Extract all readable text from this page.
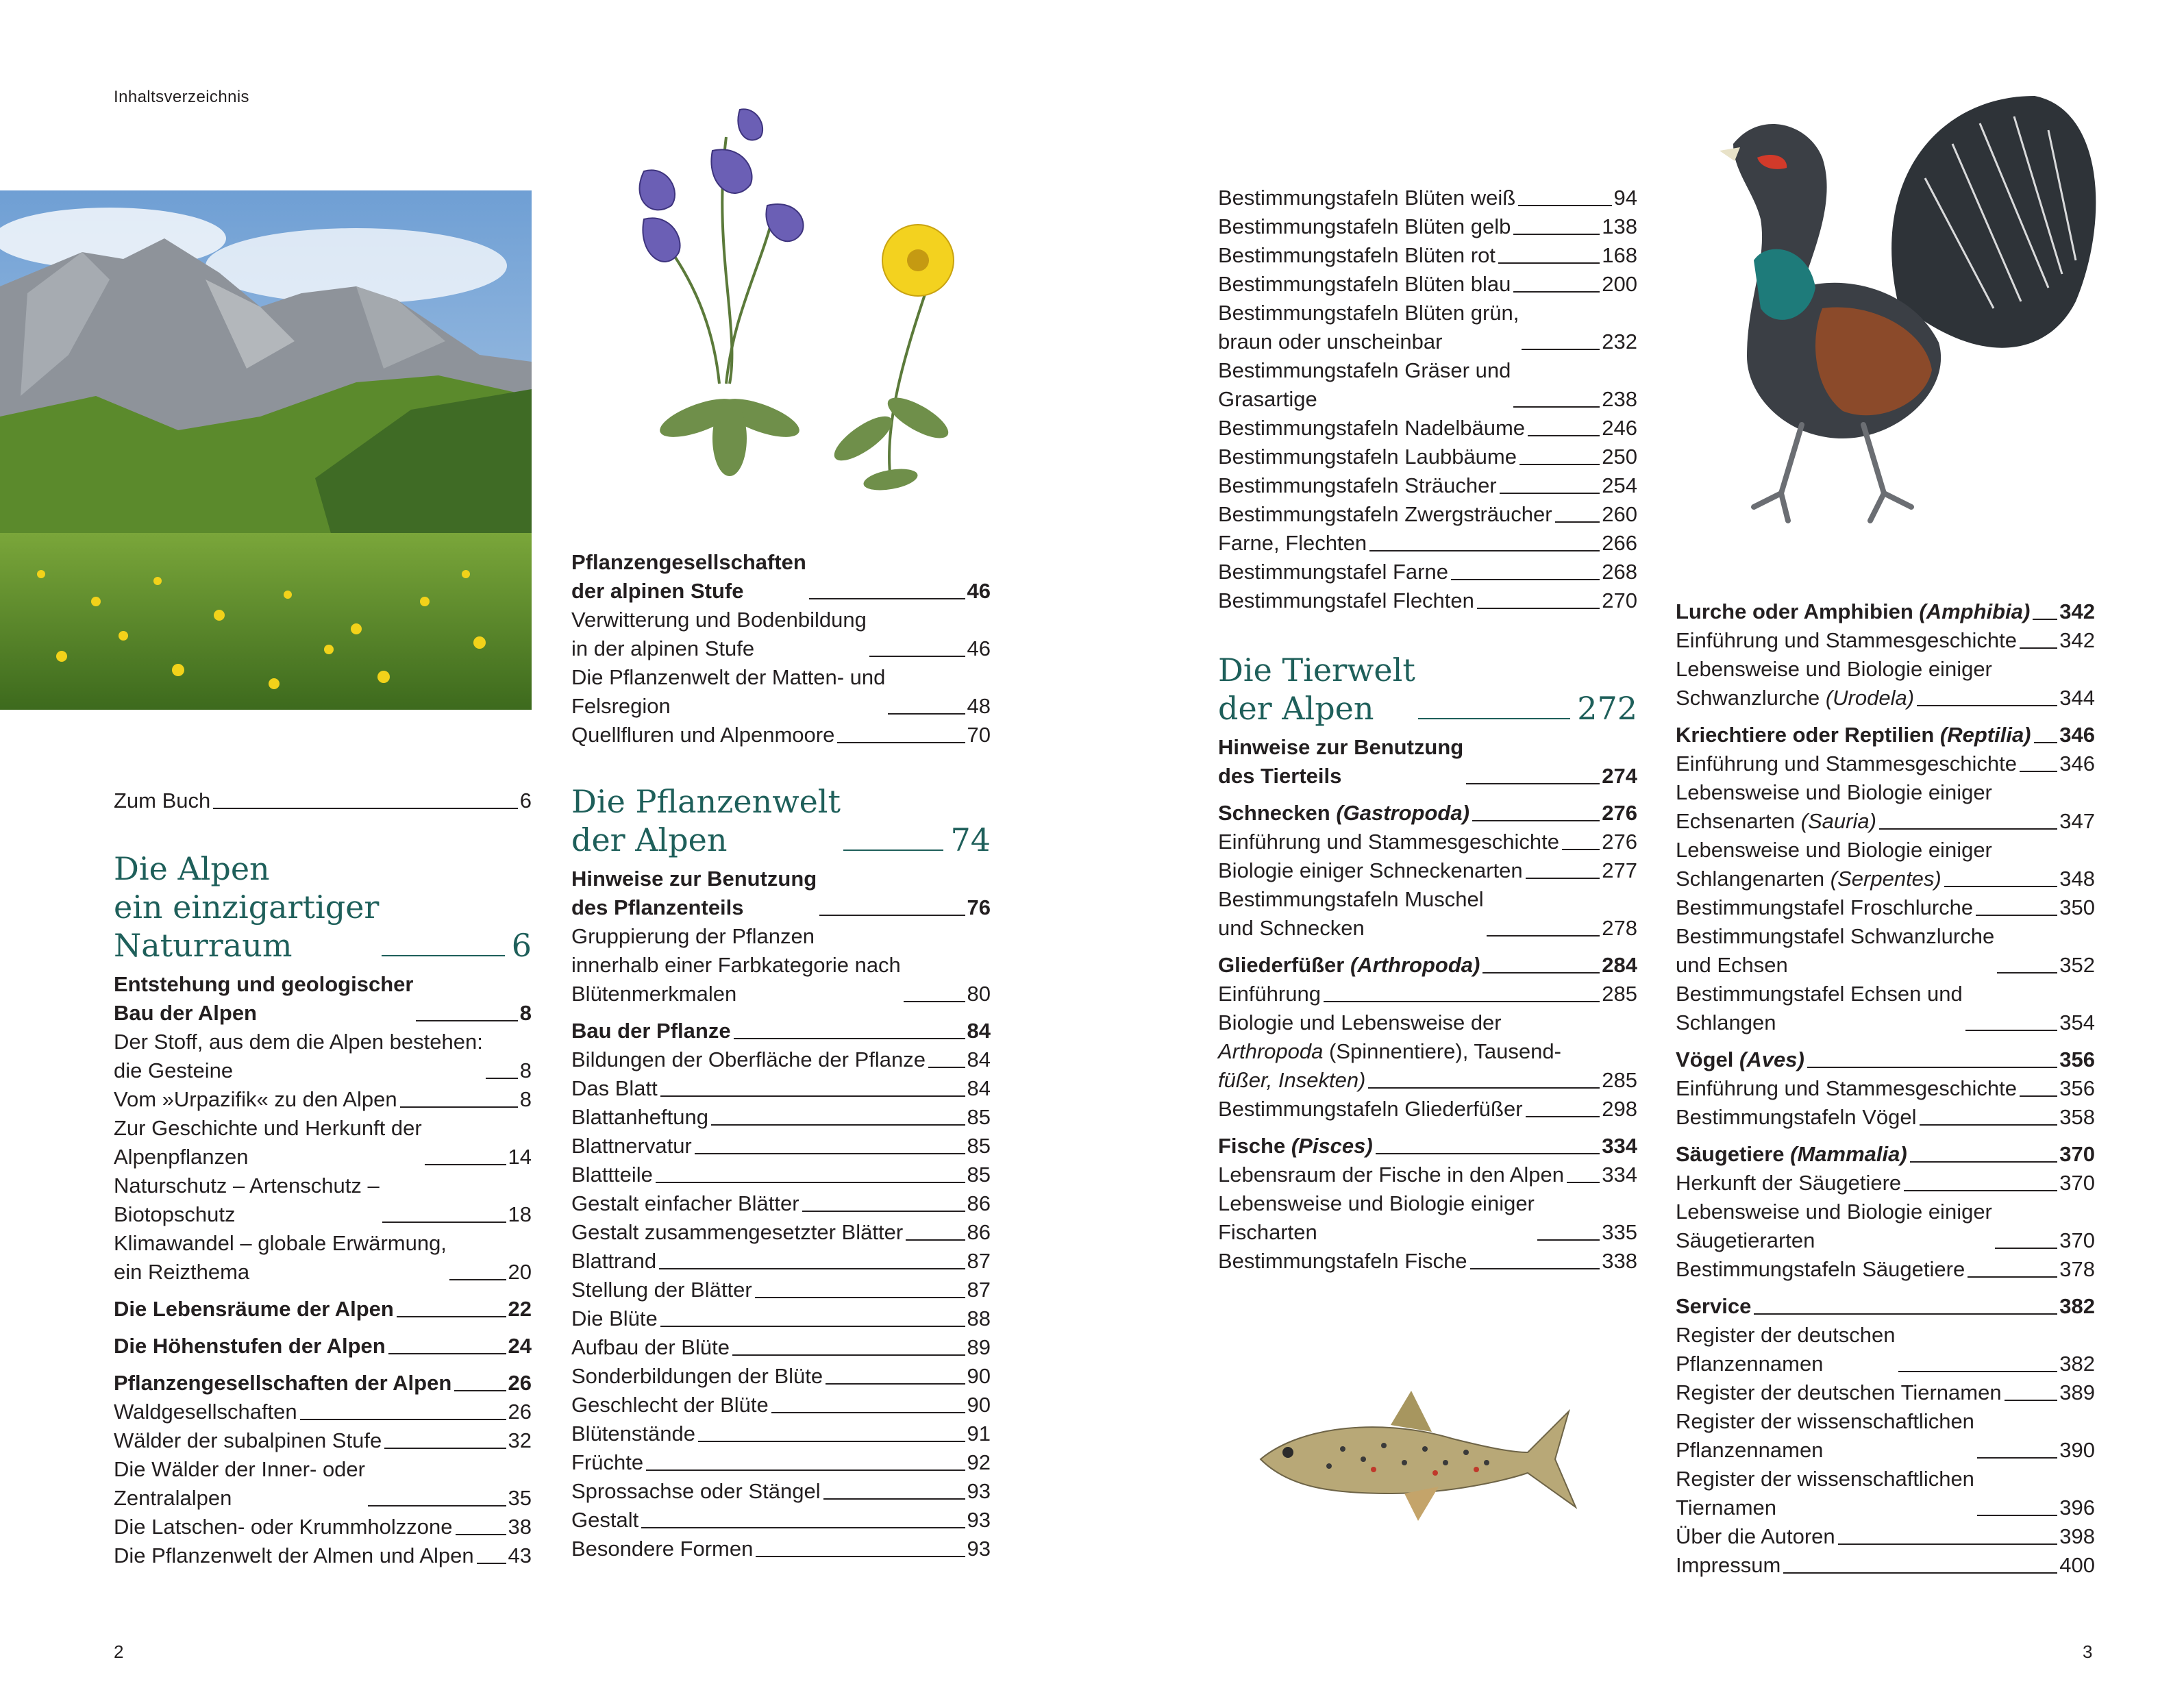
Inhaltsverzeichnis
Zum Buch	6
Die Alpen
ein einzigartiger
Naturraum	6
Entstehung und geologischer
Bau der Alpen	8
Der Stoff, aus dem die Alpen bestehen:
die Gesteine	8
Vom »Urpazifik« zu den Alpen	8
Zur Geschichte und Herkunft der
Alpenpflanzen	14
Naturschutz – Artenschutz –
Biotopschutz	18
Klimawandel – globale Erwärmung,
ein Reizthema	20
Die Lebensräume der Alpen	22
Die Höhenstufen der Alpen	24
Pflanzengesellschaften der Alpen	26
Waldgesellschaften	26
Wälder der subalpinen Stufe	32
Die Wälder der Inner- oder
Zentralalpen	35
Die Latschen- oder Krummholzzone	38
Die Pflanzenwelt der Almen und Alpen 43
Pflanzengesellschaften
der alpinen Stufe	46
Verwitterung und Bodenbildung
in der alpinen Stufe	46
Die Pflanzenwelt der Matten- und
Felsregion	48
Quellfluren und Alpenmoore	70
Die Pflanzenwelt
der Alpen	74
Hinweise zur Benutzung
des Pflanzenteils	76
Gruppierung der Pflanzen
innerhalb einer Farbkategorie nach
Blütenmerkmalen	80
Bau der Pflanze	84
Bildungen der Oberfläche der Pflanze 84
Das Blatt	84
Blattanheftung	85
Blattnervatur	85
Blattteile	85
Gestalt einfacher Blätter	86
Gestalt zusammengesetzter Blätter	86
Blattrand	87
Stellung der Blätter	87
Die Blüte	88
Aufbau der Blüte	89
Sonderbildungen der Blüte	90
Geschlecht der Blüte	90
Blütenstände	91
Früchte	92
Sprossachse oder Stängel	93
Gestalt	93
Besondere Formen	93
Bestimmungstafeln Blüten weiß	94
Bestimmungstafeln Blüten gelb	138
Bestimmungstafeln Blüten rot	168
Bestimmungstafeln Blüten blau	200
Bestimmungstafeln Blüten grün,
braun oder unscheinbar	232
Bestimmungstafeln Gräser und
Grasartige	238
Bestimmungstafeln Nadelbäume	246
Bestimmungstafeln Laubbäume	250
Bestimmungstafeln Sträucher	254
Bestimmungstafeln Zwergsträucher 260
Farne, Flechten	266
Bestimmungstafel Farne	268
Bestimmungstafel Flechten	270
Die Tierwelt
der Alpen	272
Hinweise zur Benutzung
des Tierteils	274
Schnecken (Gastropoda)	276
Einführung und Stammesgeschichte 276
Biologie einiger Schneckenarten	277
Bestimmungstafeln Muschel
und Schnecken	278
Gliederfüßer (Arthropoda)	284
Einführung	285
Biologie und Lebensweise der
Arthropoda (Spinnentiere), Tausend-
füßer, Insekten)	285
Bestimmungstafeln Gliederfüßer	298
Fische (Pisces)	334
Lebensraum der Fische in den Alpen 334
Lebensweise und Biologie einiger
Fischarten	335
Bestimmungstafeln Fische	338
Lurche oder Amphibien (Amphibia) 342
Einführung und Stammesgeschichte 342
Lebensweise und Biologie einiger
Schwanzlurche (Urodela)	344
Kriechtiere oder Reptilien (Reptilia) 346
Einführung und Stammesgeschichte 346
Lebensweise und Biologie einiger
Echsenarten (Sauria)	347
Lebensweise und Biologie einiger
Schlangenarten (Serpentes)	348
Bestimmungstafel Froschlurche	350
Bestimmungstafel Schwanzlurche
und Echsen	352
Bestimmungstafel Echsen und
Schlangen	354
Vögel (Aves)	356
Einführung und Stammesgeschichte 356
Bestimmungstafeln Vögel	358
Säugetiere (Mammalia)	370
Herkunft der Säugetiere	370
Lebensweise und Biologie einiger
Säugetierarten	370
Bestimmungstafeln Säugetiere	378
Service	382
Register der deutschen
Pflanzennamen	382
Register der deutschen Tiernamen	389
Register der wissenschaftlichen
Pflanzennamen	390
Register der wissenschaftlichen
Tiernamen	396
Über die Autoren	398
Impressum	400
2	3
